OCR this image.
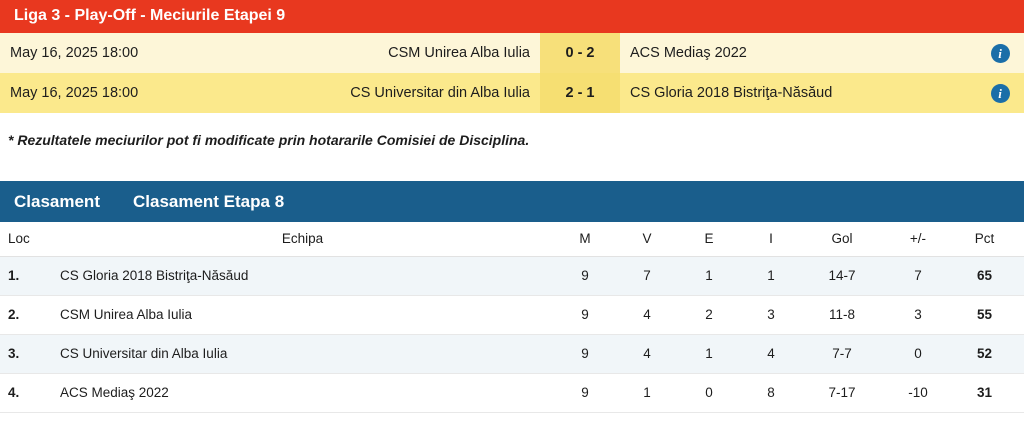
Liga 3 - Play-Off - Meciurile Etapei 9
May 16, 2025 18:00	CSM Unirea Alba Iulia	0 - 2	ACS Mediaş 2022	i
May 16, 2025 18:00	CS Universitar din Alba Iulia	2 - 1	CS Gloria 2018 Bistriţa-Năsăud	i
* Rezultatele meciurilor pot fi modificate prin hotararile Comisiei de Disciplina.
Clasament Clasament Etapa 8
Loc	Echipa	M	V	E	I	Gol	+/-	Pct
1.	CS Gloria 2018 Bistriţa-Năsăud	9	7	1	1	14-7	7	65
2.	CSM Unirea Alba Iulia	9	4	2	3	11-8	3	55
3.	CS Universitar din Alba Iulia	9	4	1	4	7-7	0	52
4.	ACS Mediaş 2022	9	1	0	8	7-17	-10	31
